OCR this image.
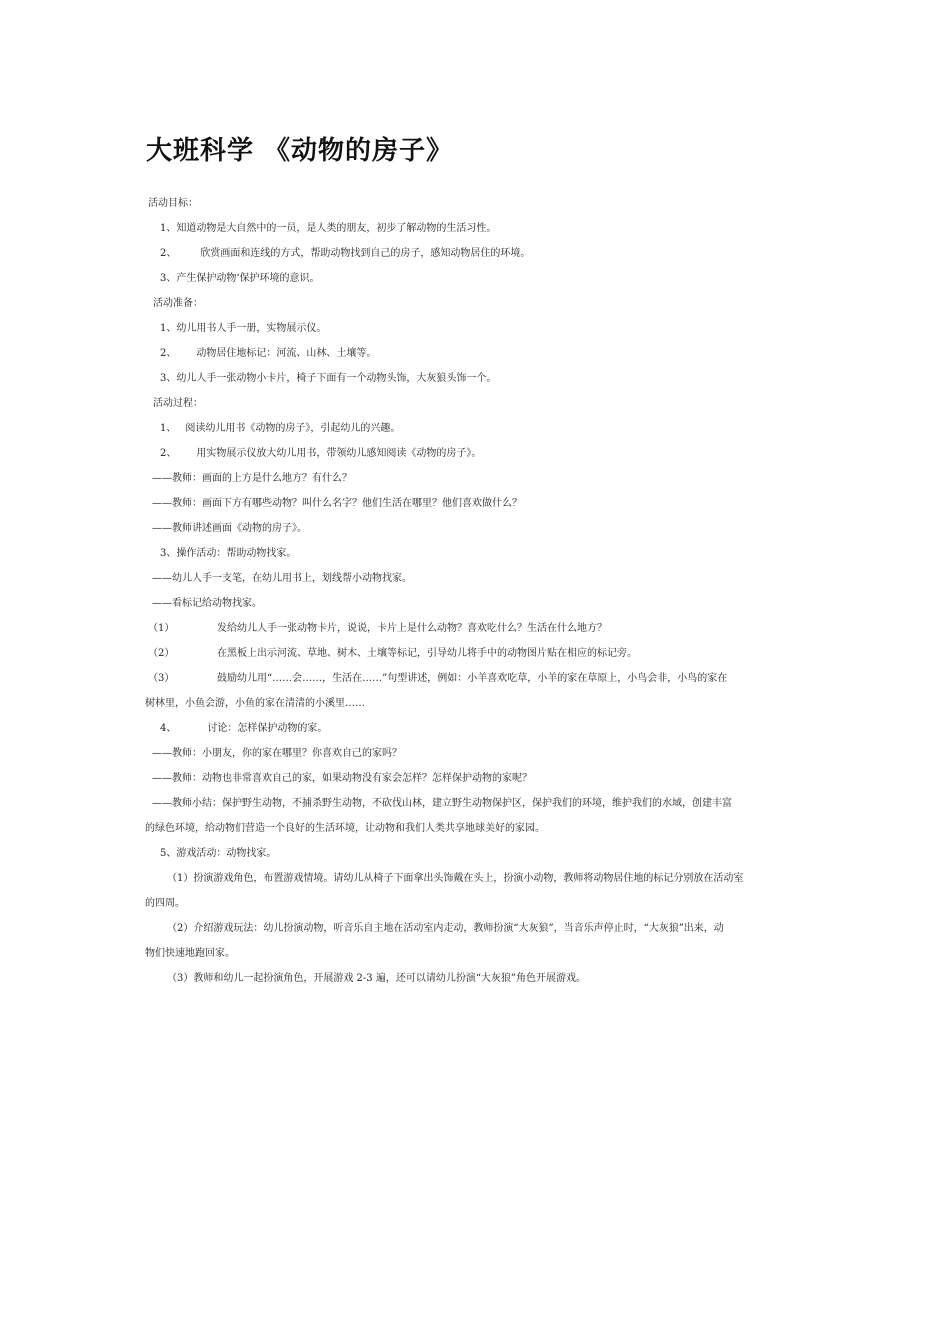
大班科学 《动物的房子》
活动目标：
1、知道动物是大自然中的一员，是人类的朋友，初步了解动物的生活习性。
2、 欣赏画面和连线的方式，帮助动物找到自己的房子，感知动物居住的环境。
3、产生保护动物‘保护环境的意识。
活动准备：
1、幼儿用书人手一册，实物展示仪。
2、 动物居住地标记：河流、山林、土壤等。
3、幼儿人手一张动物小卡片，椅子下面有一个动物头饰，大灰狼头饰一个。
活动过程：
1、 阅读幼儿用书《动物的房子》，引起幼儿的兴趣。
2、 用实物展示仪放大幼儿用书，带领幼儿感知阅读《动物的房子》。
——教师：画面的上方是什么地方？有什么？
——教师：画面下方有哪些动物？叫什么名字？他们生活在哪里？他们喜欢做什么？
——教师讲述画面《动物的房子》。
3、操作活动：帮助动物找家。
——幼儿人手一支笔，在幼儿用书上，划线帮小动物找家。
——看标记给动物找家。
（1）	发给幼儿人手一张动物卡片，说说，卡片上是什么动物？喜欢吃什么？生活在什么地方？
（2）	在黑板上出示河流、草地、树木、土壤等标记，引导幼儿将手中的动物图片贴在相应的标记旁。
（3）	鼓励幼儿用“……会……，生活在……”句型讲述，例如：小羊喜欢吃草，小羊的家在草原上，小鸟会非，小鸟的家在
树林里，小鱼会游，小鱼的家在清清的小溪里……
4、	讨论：怎样保护动物的家。
——教师：小朋友，你的家在哪里？你喜欢自己的家吗？
——教师：动物也非常喜欢自己的家，如果动物没有家会怎样？怎样保护动物的家呢？
——教师小结：保护野生动物，不捕杀野生动物，不砍伐山林，建立野生动物保护区，保护我们的环境，维护我们的水域，创建丰富
的绿色环境，给动物们营造一个良好的生活环境，让动物和我们人类共享地球美好的家园。
5、游戏活动：动物找家。
（1）扮演游戏角色，布置游戏情境。请幼儿从椅子下面拿出头饰戴在头上，扮演小动物，教师将动物居住地的标记分别放在活动室
的四周。
（2）介绍游戏玩法：幼儿扮演动物，听音乐自主地在活动室内走动，教师扮演“大灰狼”，当音乐声停止时，“大灰狼”出来，动
物们快速地跑回家。
（3）教师和幼儿一起扮演角色，开展游戏 2-3 遍，还可以请幼儿扮演“大灰狼”角色开展游戏。
